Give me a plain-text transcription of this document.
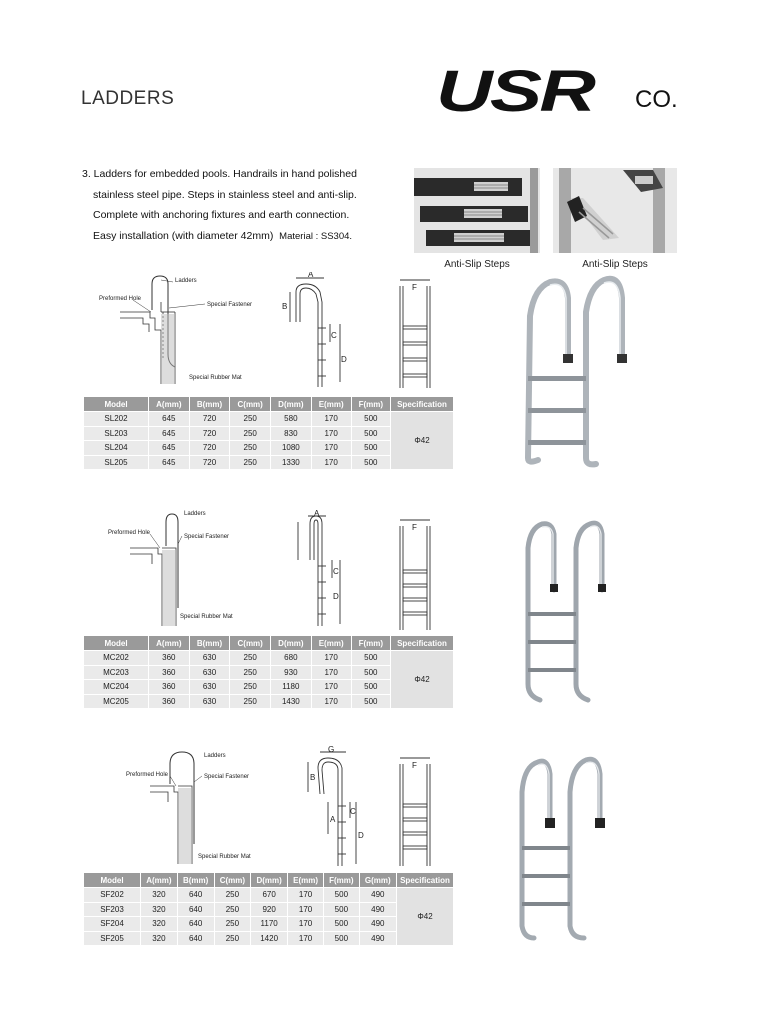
LADDERS	USR CO.

3. Ladders for embedded pools. Handrails in hand polished

stainless steel pipe. Steps in stainless steel and anti-slip.

Complete with anchoring fixtures and earth connection.

Easy installation (with diameter 42mm) Material : SS304.

Anti-Slip Steps	Anti-Slip Steps
Ladders
Preformed Hole
Special Fastener
Special Rubber Mat
A
B
C
D
F
Model	A(mm)	B(mm)	C(mm)	D(mm)	E(mm)	F(mm)	Specification
SL202	645	720	250	580	170	500	Φ42
SL203	645	720	250	830	170	500	
SL204	645	720	250	1080	170	500	
SL205	645	720	250	1330	170	500	
Ladders
Preformed Hole
Special Fastener
Special Rubber Mat
A
C
D
F
Model	A(mm)	B(mm)	C(mm)	D(mm)	E(mm)	F(mm)	Specification
MC202	360	630	250	680	170	500	Φ42
MC203	360	630	250	930	170	500	
MC204	360	630	250	1180	170	500	
MC205	360	630	250	1430	170	500	
Ladders
Preformed Hole	Special Fastener
Special Rubber Mat
G
B
A
C
D
F
Model	A(mm)	B(mm)	C(mm)	D(mm)	E(mm)	F(mm)	G(mm)	Specification
SF202	320	640	250	670	170	500	490	Φ42
SF203	320	640	250	920	170	500	490	
SF204	320	640	250	1170	170	500	490	
SF205	320	640	250	1420	170	500	490	
